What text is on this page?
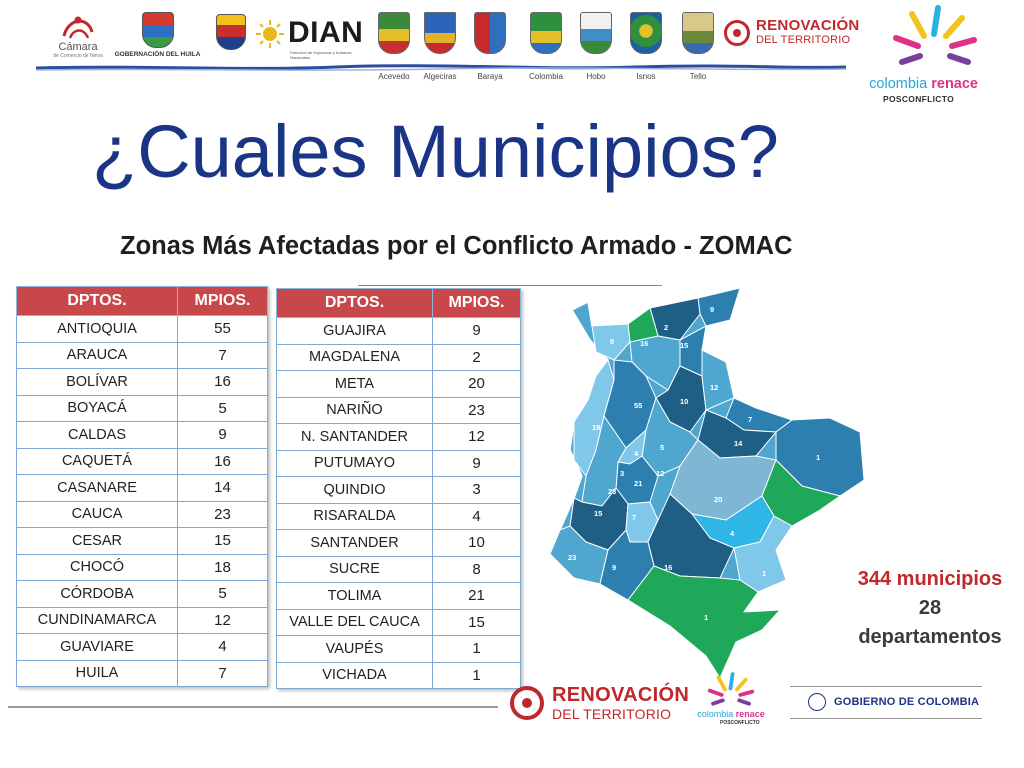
Cámara
de Comercio de Neiva	GOBERNACIÓN DEL HUILA
DIAN
Dirección de Impuestos y Aduanas Nacionales
Acevedo	Algeciras	Baraya	Colombia	Hobo	Isnos	Tello
RENOVACIÓN
DEL TERRITORIO
colombia renace
POSCONFLICTO
¿Cuales Municipios?
Zonas Más Afectadas por el Conflicto Armado - ZOMAC
DPTOS.	MPIOS.
ANTIOQUIA	55
ARAUCA	7
BOLÍVAR	16
BOYACÁ	5
CALDAS	9
CAQUETÁ	16
CASANARE	14
CAUCA	23
CESAR	15
CHOCÓ	18
CÓRDOBA	5
CUNDINAMARCA	12
GUAVIARE	4
HUILA	7
DPTOS.	MPIOS.
GUAJIRA	9
MAGDALENA	2
META	20
NARIÑO	23
N. SANTANDER	12
PUTUMAYO	9
QUINDIO	3
RISARALDA	4
SANTANDER	10
SUCRE	8
TOLIMA	21
VALLE DEL CAUCA	15
VAUPÉS	1
VICHADA	1
9
2
16	15
8
12
55	10
7
14
1
18
4
3
5
12
23
21
20
15	7
9
4
23
16
1
1
344 municipios
28
departamentos
RENOVACIÓN
DEL TERRITORIO	colombia renace
POSCONFLICTO
GOBIERNO DE COLOMBIA
